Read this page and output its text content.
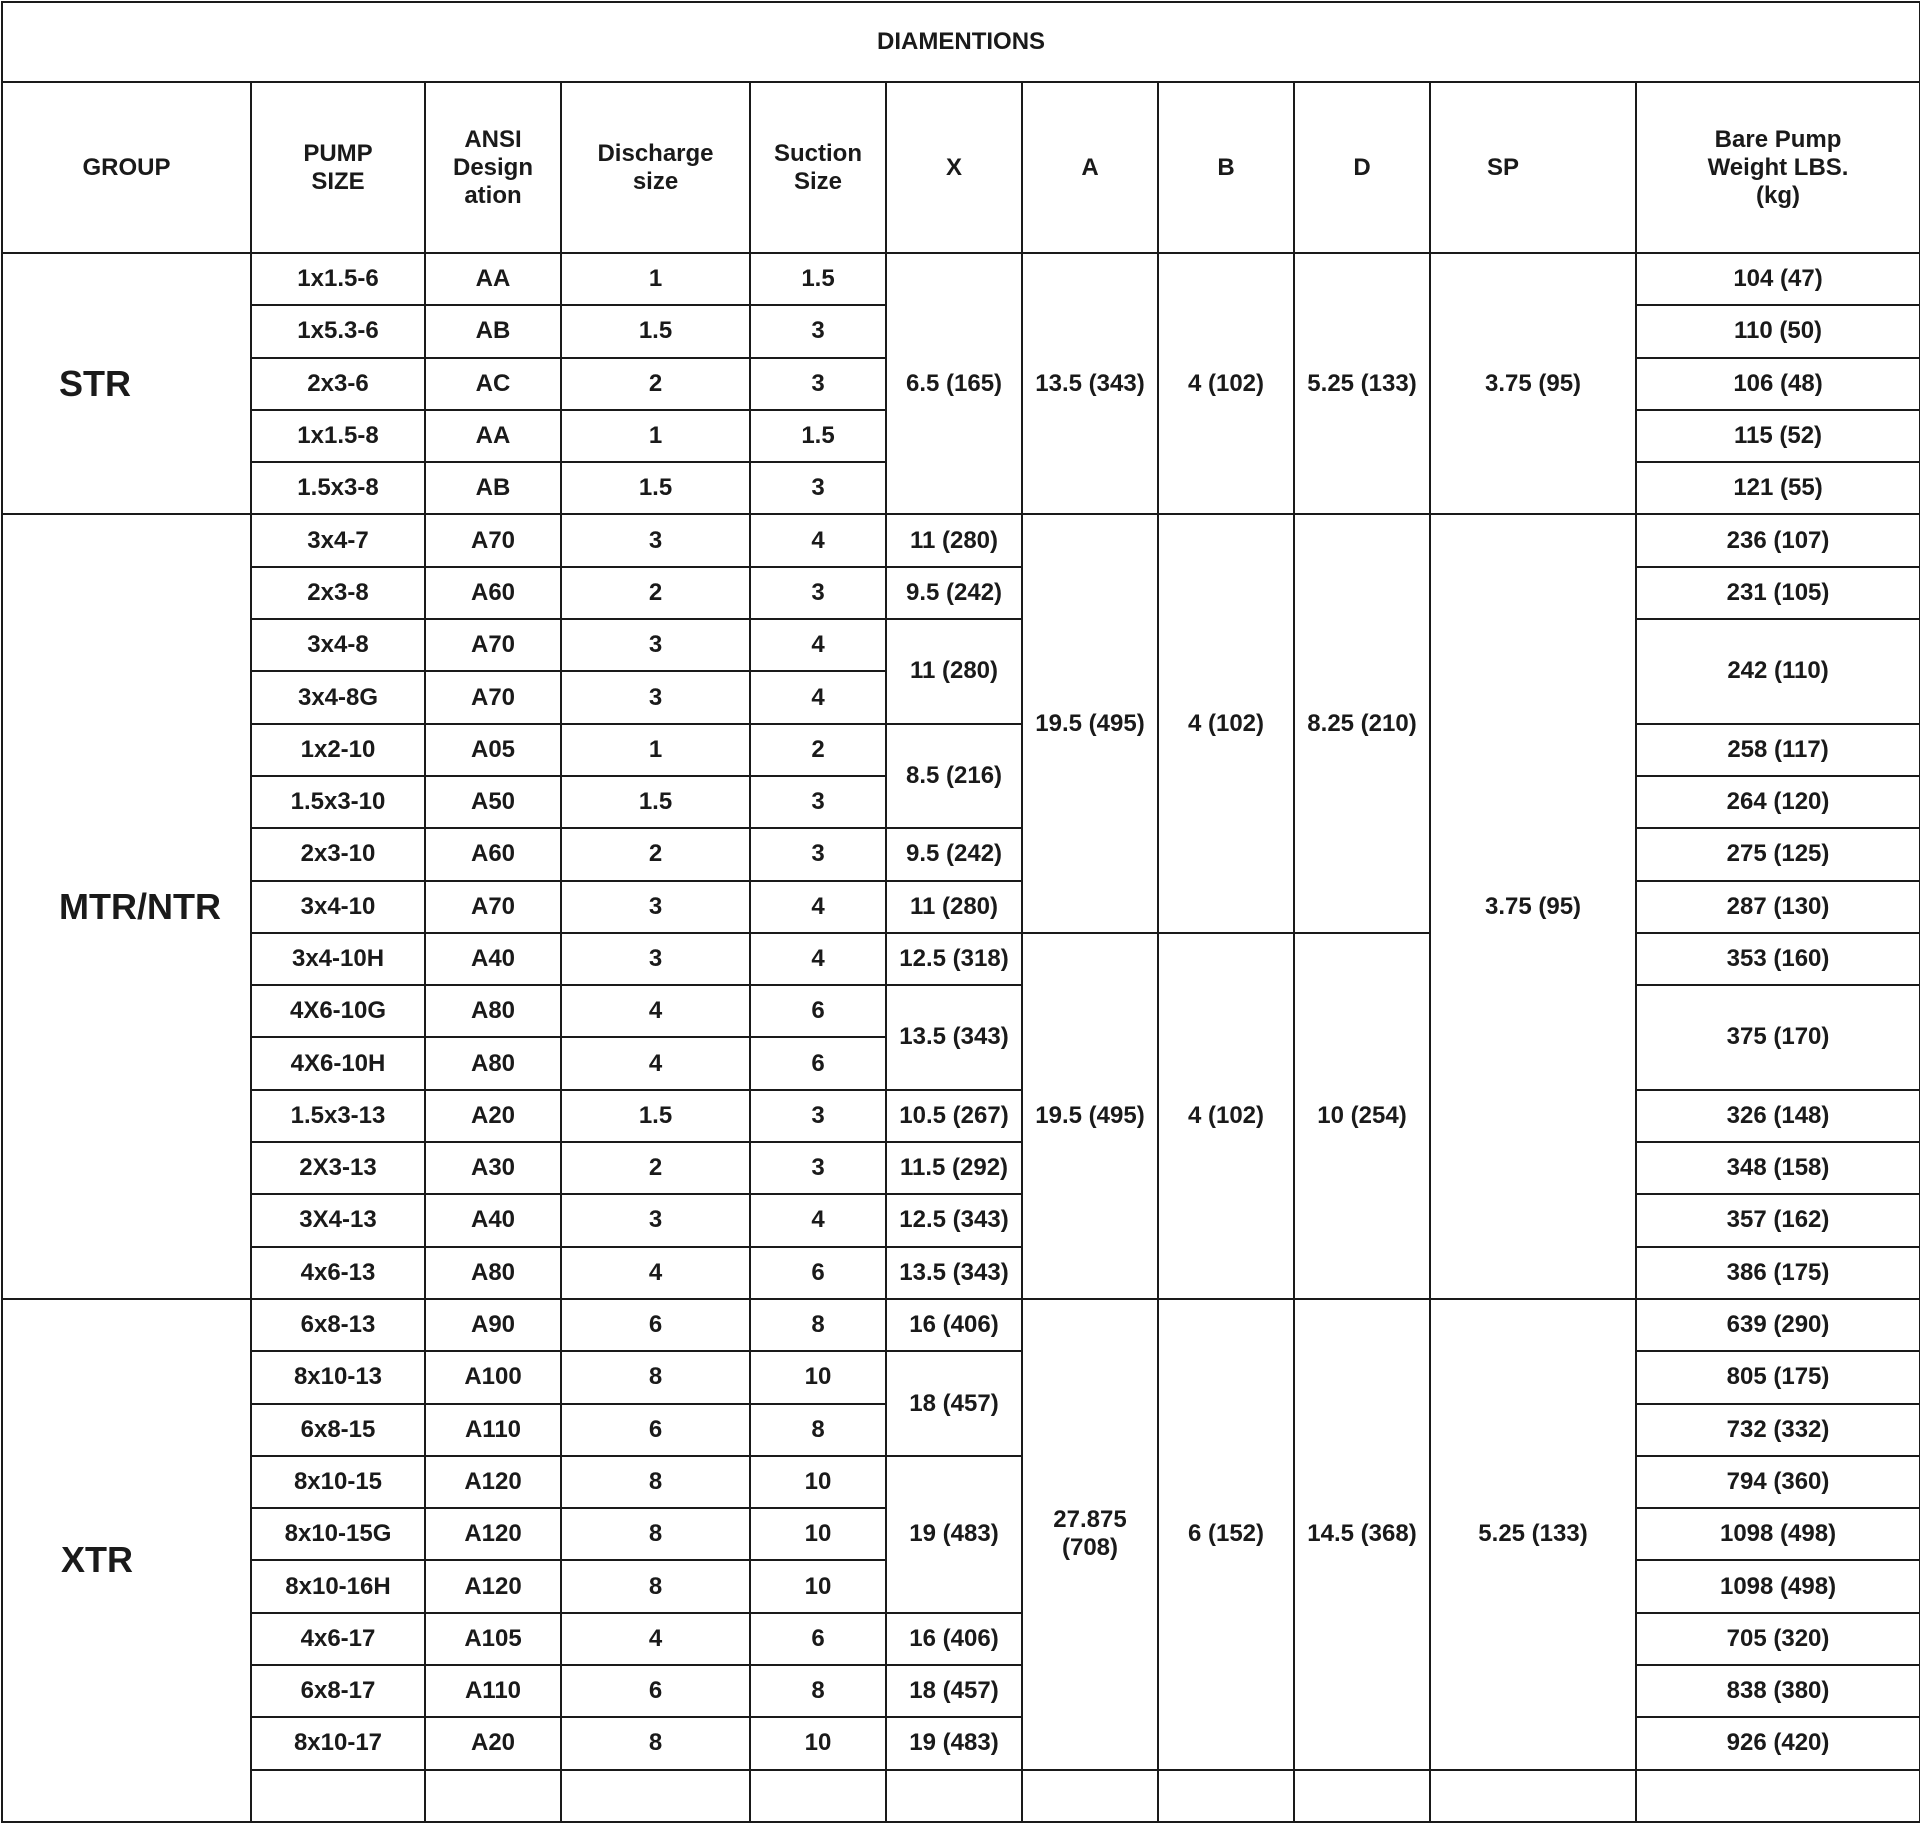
DIAMENTIONS										
GROUP	PUMP SIZE	ANSI Design ation	Discharge size	Suction Size	X	A	B	D	SP	Bare Pump Weight LBS. (kg)

STR	1x1.5-6	AA	1	1.5	6.5 (165)	13.5 (343)	4 (102)	5.25 (133)	3.75 (95)	104 (47)
	1x5.3-6	AB	1.5	3						110 (50)
	2x3-6	AC	2	3						106 (48)
	1x1.5-8	AA	1	1.5						115 (52)
	1.5x3-8	AB	1.5	3						121 (55)
MTR/NTR	3x4-7	A70	3	4	11 (280)	19.5 (495)	4 (102)	8.25 (210)	3.75 (95)	236 (107)
	2x3-8	A60	2	3	9.5 (242)					231 (105)
	3x4-8	A70	3	4	11 (280)					242 (110)
	3x4-8G	A70	3	4						
	1x2-10	A05	1	2	8.5 (216)					258 (117)
	1.5x3-10	A50	1.5	3						264 (120)
	2x3-10	A60	2	3	9.5 (242)					275 (125)
	3x4-10	A70	3	4	11 (280)					287 (130)
	3x4-10H	A40	3	4	12.5 (318)	19.5 (495)	4 (102)	10 (254)		353 (160)
	4X6-10G	A80	4	6	13.5 (343)					375 (170)
	4X6-10H	A80	4	6						
	1.5x3-13	A20	1.5	3	10.5 (267)					326 (148)
	2X3-13	A30	2	3	11.5 (292)					348 (158)
	3X4-13	A40	3	4	12.5 (343)					357 (162)
	4x6-13	A80	4	6	13.5 (343)					386 (175)
XTR	6x8-13	A90	6	8	16 (406)	27.875 (708)	6 (152)	14.5 (368)	5.25 (133)	639 (290)
	8x10-13	A100	8	10	18 (457)					805 (175)
	6x8-15	A110	6	8						732 (332)
	8x10-15	A120	8	10	19 (483)					794 (360)
	8x10-15G	A120	8	10						1098 (498)
	8x10-16H	A120	8	10						1098 (498)
	4x6-17	A105	4	6	16 (406)					705 (320)
	6x8-17	A110	6	8	18 (457)					838 (380)
	8x10-17	A20	8	10	19 (483)					926 (420)
